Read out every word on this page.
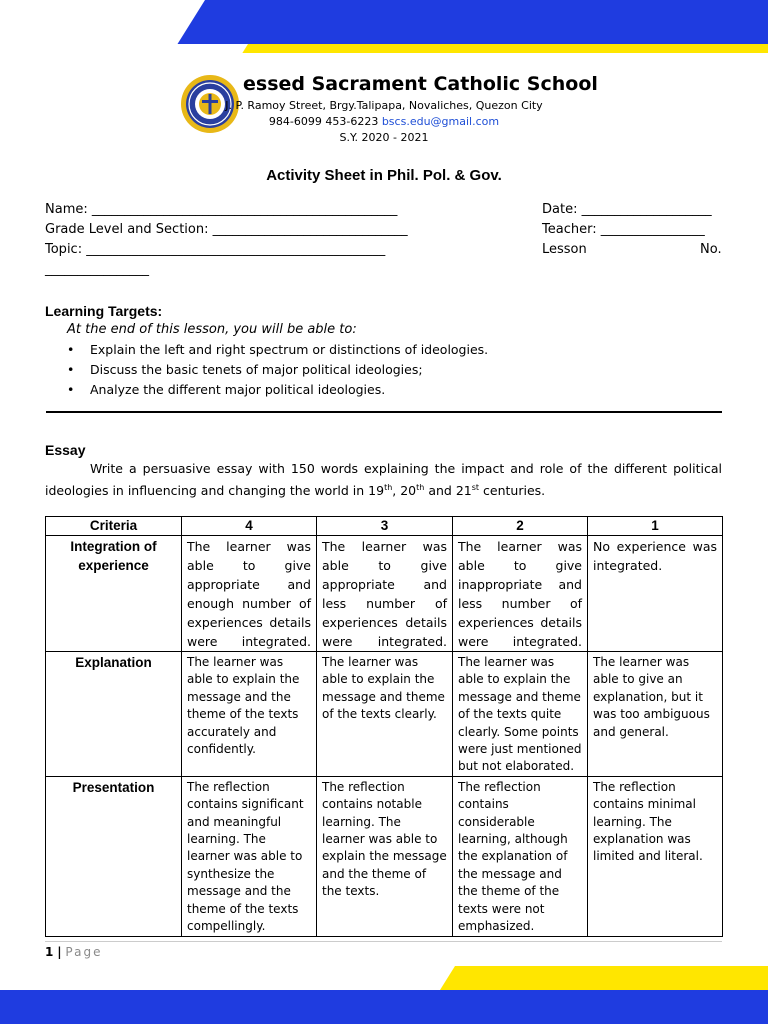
essed Sacrament Catholic School
J. P. Ramoy Street, Brgy.Talipapa, Novaliches, Quezon City
984-6099 453-6223 bscs.edu@gmail.com
S.Y. 2020 - 2021
Activity Sheet in Phil. Pol. & Gov.
Name: _______________________________________________
Grade Level and Section: ______________________________
Topic: ______________________________________________
________________
Date: ____________________
Teacher: ________________
Lesson	No.
Learning Targets:
At the end of this lesson, you will be able to:
• Explain the left and right spectrum or distinctions of ideologies.
• Discuss the basic tenets of major political ideologies;
• Analyze the different major political ideologies.
Essay

Write a persuasive essay with 150 words explaining the impact and role of the different political ideologies in influencing and changing the world in 19th, 20th and 21st centuries.

Criteria	4	3	2	1
Integration of experience	The learner was able to give appropriate and enough number of experiences details were integrated.	The learner was able to give appropriate and less number of experiences details were integrated.	The learner was able to give inappropriate and less number of experiences details were integrated.	No experience was integrated.
Explanation	The learner was able to explain the message and the theme of the texts accurately and confidently.	The learner was able to explain the message and theme of the texts clearly.	The learner was able to explain the message and theme of the texts quite clearly. Some points were just mentioned but not elaborated.	The learner was able to give an explanation, but it was too ambiguous and general.
Presentation	The reflection contains significant and meaningful learning. The learner was able to synthesize the message and the theme of the texts compellingly.	The reflection contains notable learning. The learner was able to explain the message and the theme of the texts.	The reflection contains considerable learning, although the explanation of the message and the theme of the texts were not emphasized.	The reflection contains minimal learning. The explanation was limited and literal.
1 | Page
